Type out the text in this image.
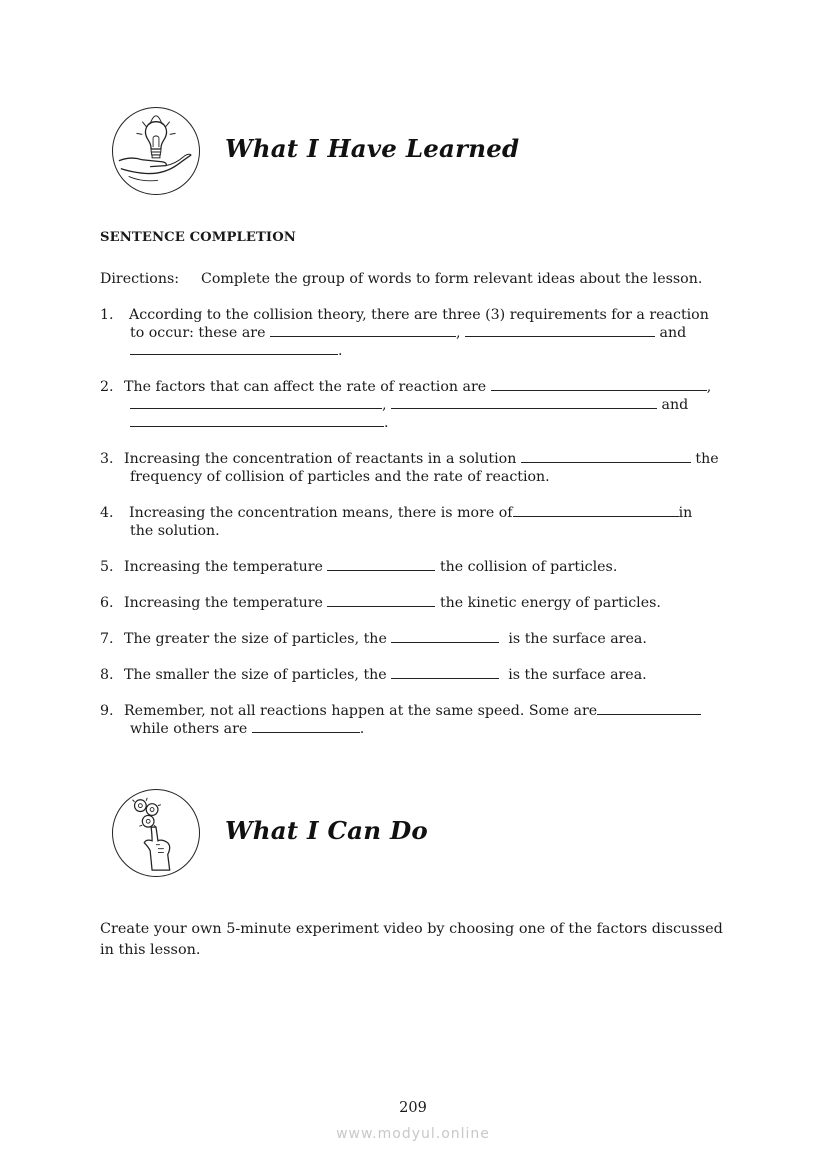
What I Have Learned
SENTENCE COMPLETION
Directions: Complete the group of words to form relevant ideas about the lesson.
1. According to the collision theory, there are three (3) requirements for a reaction
to occur: these are	,	and
.
2. The factors that can affect the rate of reaction are	,
,	and
.
3. Increasing the concentration of reactants in a solution	the
frequency of collision of particles and the rate of reaction.
4. Increasing the concentration means, there is more of	in
the solution.
5. Increasing the temperature	the collision of particles.
6. Increasing the temperature	the kinetic energy of particles.
7. The greater the size of particles, the	is the surface area.
8. The smaller the size of particles, the	is the surface area.
9. Remember, not all reactions happen at the same speed. Some are
while others are	.
What I Can Do
Create your own 5-minute experiment video by choosing one of the factors discussed in this lesson.
209
www.modyul.online
